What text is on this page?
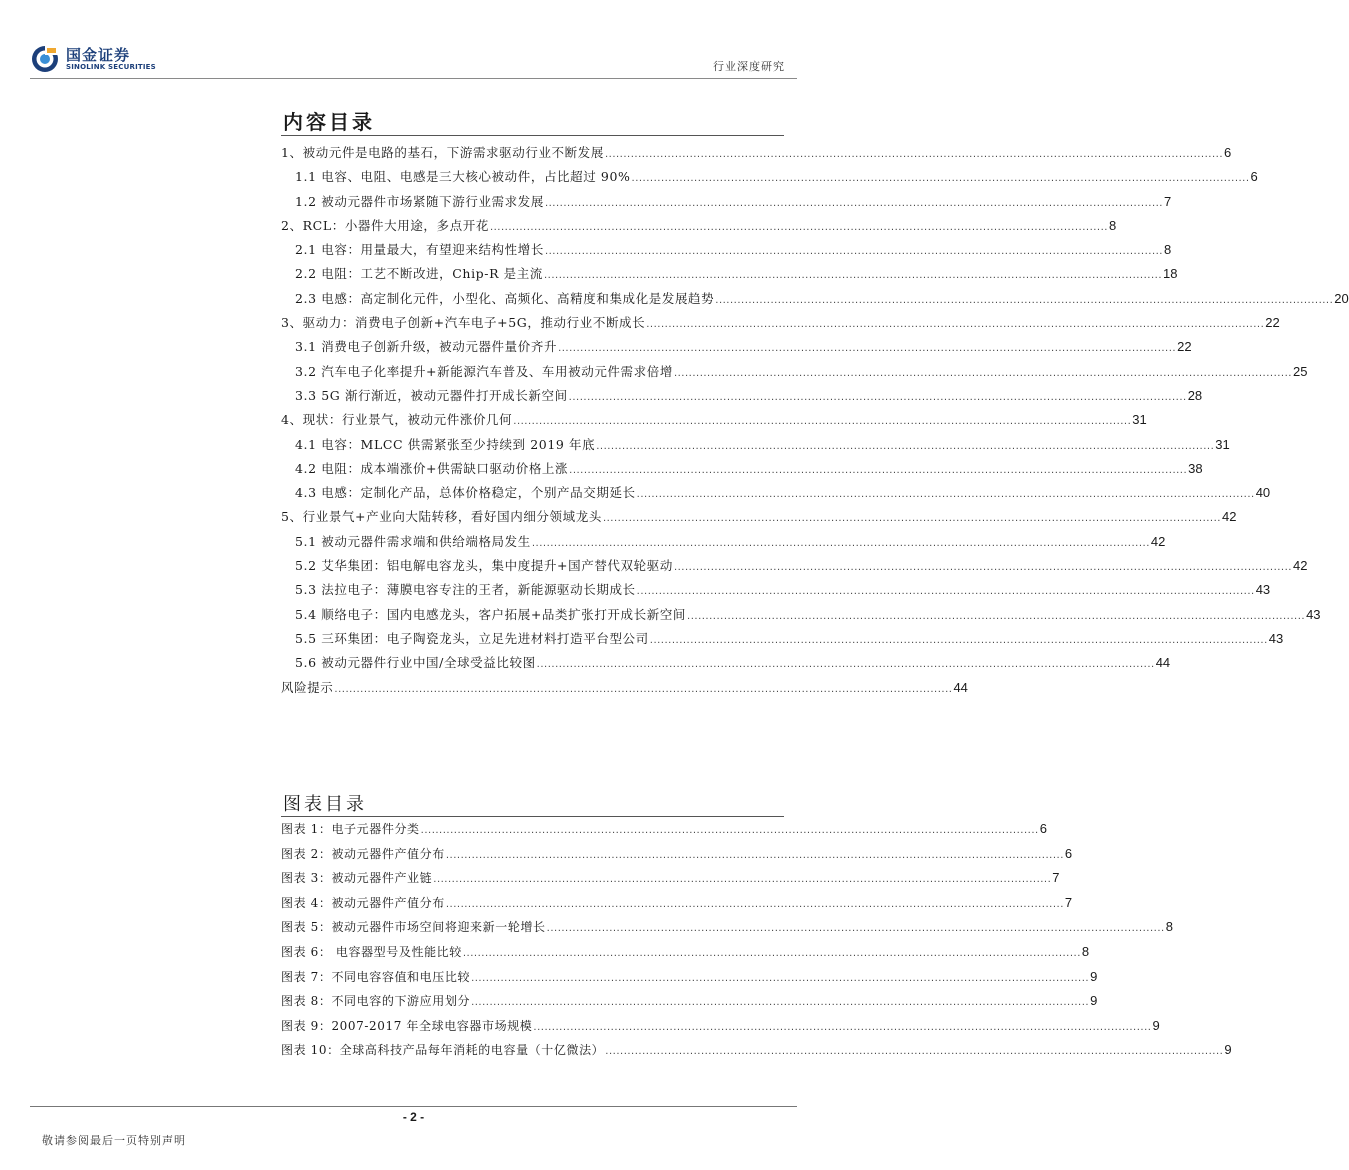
国金证券
SINOLINK SECURITIES	行业深度研究
内容目录
1、被动元件是电路的基石，下游需求驱动行业不断发展 .....	6
1.1 电容、电阻、电感是三大核心被动件，占比超过 90% .....	6
1.2 被动元器件市场紧随下游行业需求发展 .....	7
2、RCL：小器件大用途，多点开花 .....	8
2.1 电容：用量最大，有望迎来结构性增长 .....	8
2.2 电阻：工艺不断改进，Chip-R 是主流 .....	18
2.3 电感：高定制化元件，小型化、高频化、高精度和集成化是发展趋势 .....	20
3、驱动力：消费电子创新+汽车电子+5G，推动行业不断成长 .....	22
3.1 消费电子创新升级，被动元器件量价齐升 .....	22
3.2 汽车电子化率提升+新能源汽车普及、车用被动元件需求倍增 .....	25
3.3 5G 渐行渐近，被动元器件打开成长新空间 .....	28
4、现状：行业景气，被动元件涨价几何 .....	31
4.1 电容：MLCC 供需紧张至少持续到 2019 年底 .....	31
4.2 电阻：成本端涨价+供需缺口驱动价格上涨 .....	38
4.3 电感：定制化产品，总体价格稳定，个别产品交期延长 .....	40
5、行业景气+产业向大陆转移，看好国内细分领域龙头 .....	42
5.1 被动元器件需求端和供给端格局发生 .....	42
5.2 艾华集团：铝电解电容龙头，集中度提升+国产替代双轮驱动 .....	42
5.3 法拉电子：薄膜电容专注的王者，新能源驱动长期成长 .....	43
5.4 顺络电子：国内电感龙头，客户拓展+品类扩张打开成长新空间 .....	43
5.5 三环集团：电子陶瓷龙头，立足先进材料打造平台型公司 .....	43
5.6 被动元器件行业中国/全球受益比较图 .....	44
风险提示 .....	44
图表目录
图表 1：电子元器件分类 .....	6
图表 2：被动元器件产值分布 .....	6
图表 3：被动元器件产业链 .....	7
图表 4：被动元器件产值分布 .....	7
图表 5：被动元器件市场空间将迎来新一轮增长 .....	8
图表 6： 电容器型号及性能比较 .....	8
图表 7：不同电容容值和电压比较 .....	9
图表 8：不同电容的下游应用划分 .....	9
图表 9：2007-2017 年全球电容器市场规模 .....	9
图表 10：全球高科技产品每年消耗的电容量（十亿微法） .....	9
- 2 -
敬请参阅最后一页特别声明
